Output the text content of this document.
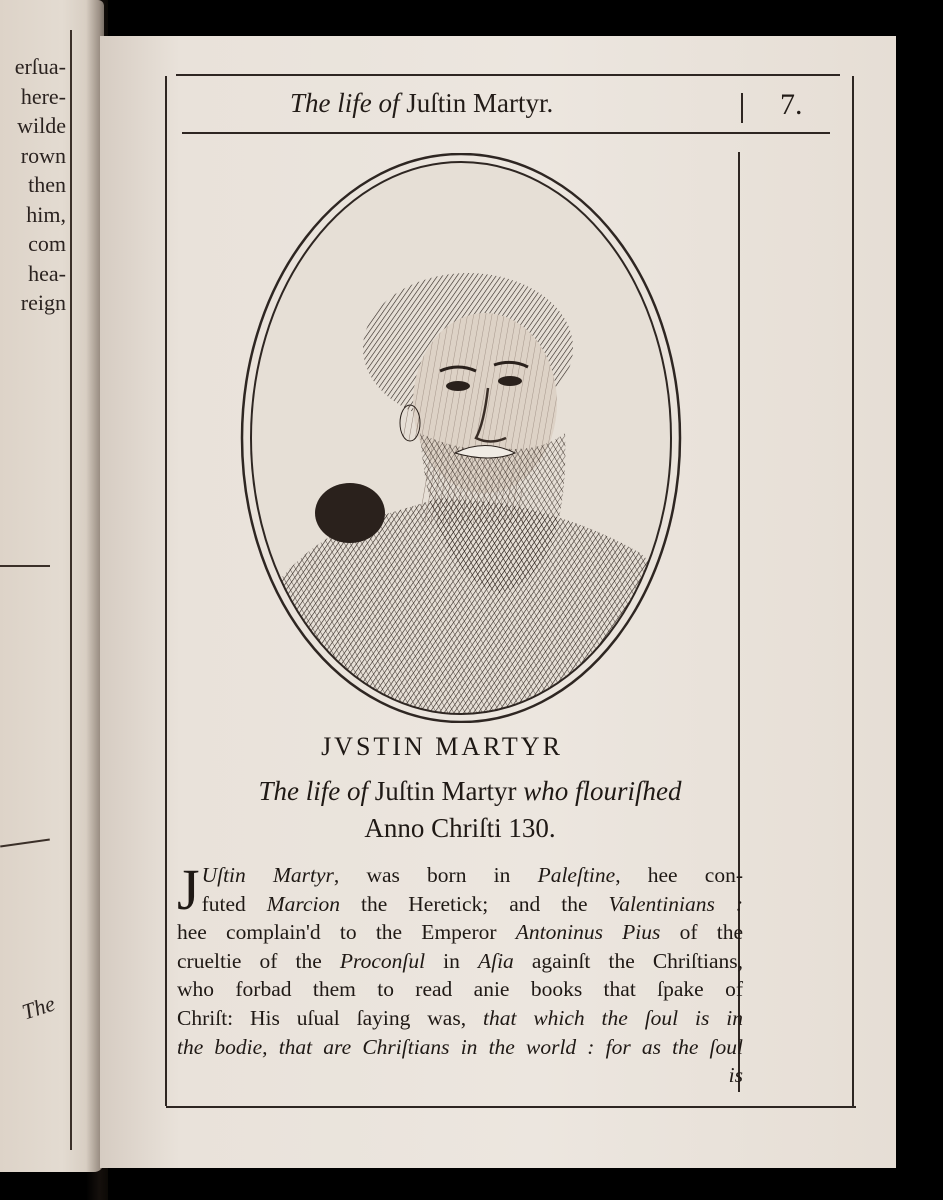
erſua-
here-
wilde
rown
then
him,
com
hea-
reign
The
The life of Juſtin Martyr.	7.
JVSTIN MARTYR
The life of Juſtin Martyr who flouriſhed
Anno Chriſti 130.
J Uſtin Martyr, was born in Paleſtine, hee con-
futed Marcion the Heretick; and the Valentinians :
hee complain'd to the Emperor Antoninus Pius of the
crueltie of the Proconſul in Aſia againſt the Chriſtians,
who forbad them to read anie books that ſpake of
Chriſt: His uſual ſaying was, that which the ſoul is in
the bodie, that are Chriſtians in the world : for as the ſoul
is
